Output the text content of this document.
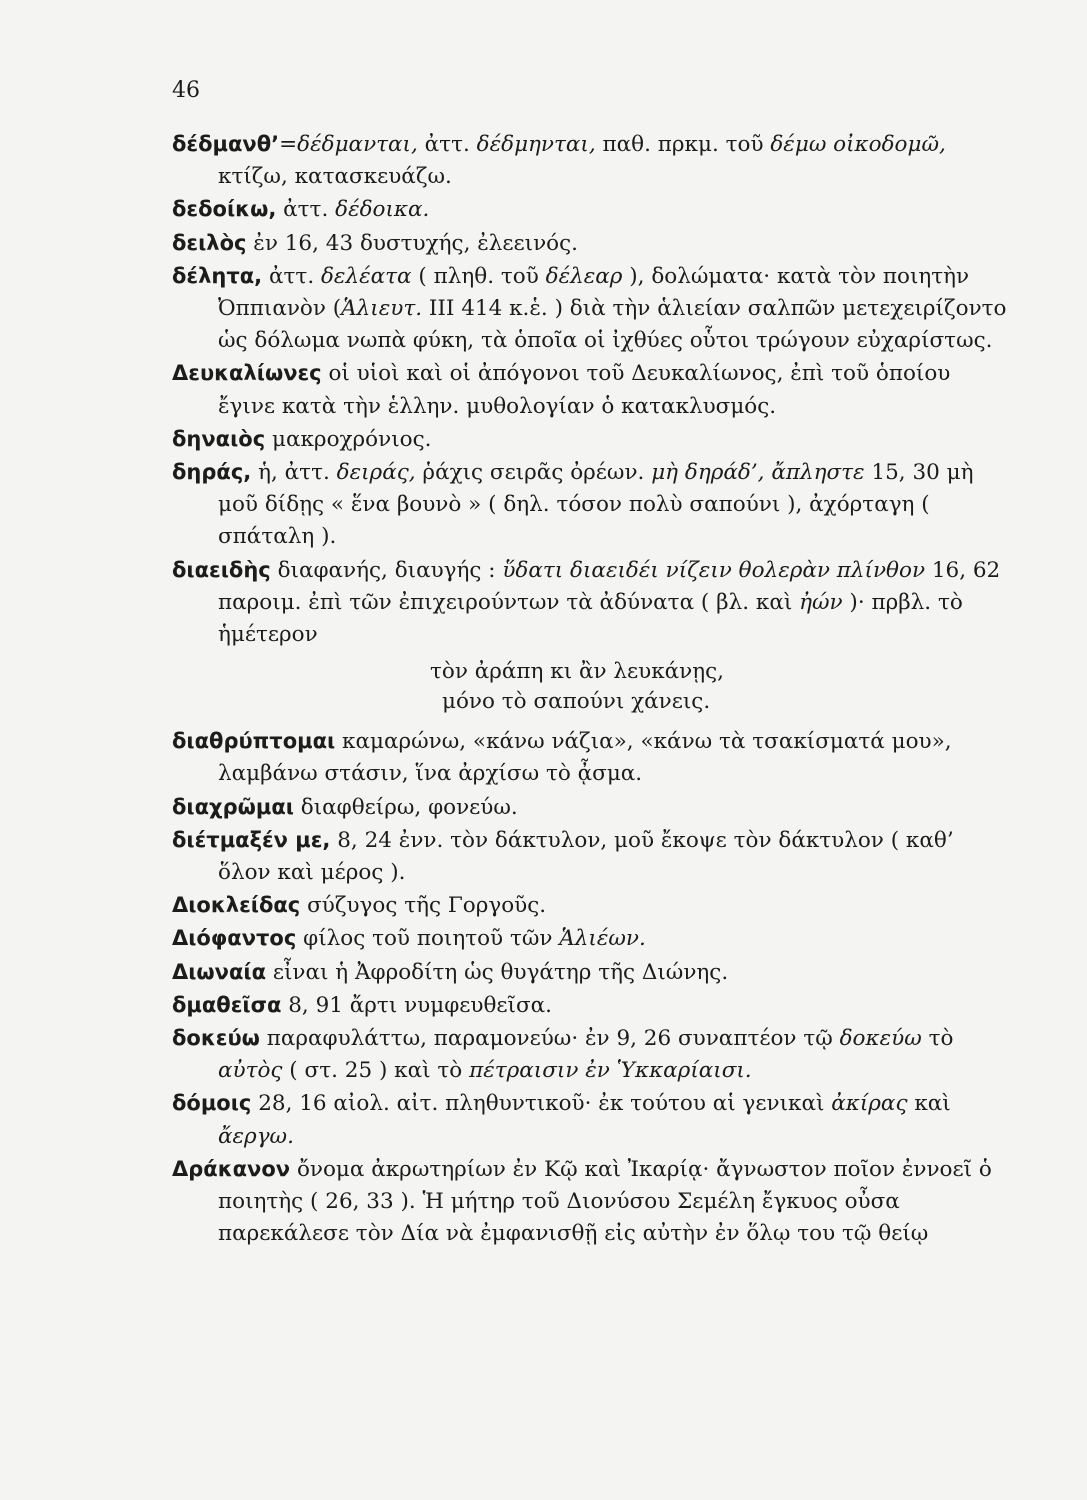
46
δέδμανθ’=δέδμανται, ἀττ. δέδμηνται, παθ. πρκμ. τοῦ δέμω οἰκοδομῶ, κτίζω, κατασκευάζω.
δεδοίκω, ἀττ. δέδοικα.
δειλὸς ἐν 16, 43 δυστυχής, ἐλεεινός.
δέλητα, ἀττ. δελέατα ( πληθ. τοῦ δέλεαρ ), δολώματα· κατὰ τὸν ποιητὴν Ὀππιανὸν (Ἁλιευτ. III 414 κ.ἑ. ) διὰ τὴν ἁλιείαν σαλπῶν μετεχειρίζοντο ὡς δόλωμα νωπὰ φύκη, τὰ ὁποῖα οἱ ἰχθύες οὗτοι τρώγουν εὐχαρίστως.
Δευκαλίωνες οἱ υἱοὶ καὶ οἱ ἀπόγονοι τοῦ Δευκαλίωνος, ἐπὶ τοῦ ὁποίου ἔγινε κατὰ τὴν ἑλλην. μυθολογίαν ὁ κατακλυσμός.
δηναιὸς μακροχρόνιος.
δηράς, ἡ, ἀττ. δειράς, ῥάχις σειρᾶς ὀρέων. μὴ δηράδ’, ἄπληστε 15, 30 μὴ μοῦ δίδῃς « ἕνα βουνὸ » ( δηλ. τόσον πολὺ σαπούνι ), ἀχόρταγη ( σπάταλη ).
διαειδὴς διαφανής, διαυγής : ὕδατι διαειδέι νίζειν θολερὰν πλίνθον 16, 62 παροιμ. ἐπὶ τῶν ἐπιχειρούντων τὰ ἀδύνατα ( βλ. καὶ ἠών )· πρβλ. τὸ ἡμέτερον
τὸν ἀράπη κι ἂν λευκάνῃς,
μόνο τὸ σαπούνι χάνεις.
διαθρύπτομαι καμαρώνω, «κάνω νάζια», «κάνω τὰ τσακίσματά μου», λαμβάνω στάσιν, ἵνα ἀρχίσω τὸ ᾆσμα.
διαχρῶμαι διαφθείρω, φονεύω.
διέτμαξέν με, 8, 24 ἐνν. τὸν δάκτυλον, μοῦ ἔκοψε τὸν δάκτυλον ( καθ’ ὅλον καὶ μέρος ).
Διοκλείδας σύζυγος τῆς Γοργοῦς.
Διόφαντος φίλος τοῦ ποιητοῦ τῶν Ἁλιέων.
Διωναία εἶναι ἡ Ἀφροδίτη ὡς θυγάτηρ τῆς Διώνης.
δμαθεῖσα 8, 91 ἄρτι νυμφευθεῖσα.
δοκεύω παραφυλάττω, παραμονεύω· ἐν 9, 26 συναπτέον τῷ δοκεύω τὸ αὐτὸς ( στ. 25 ) καὶ τὸ πέτραισιν ἐν Ὑκκαρίαισι.
δόμοις 28, 16 αἰολ. αἰτ. πληθυντικοῦ· ἐκ τούτου αἱ γενικαὶ ἀκίρας καὶ ἄεργω.
Δράκανον ὄνομα ἀκρωτηρίων ἐν Κῷ καὶ Ἰκαρίᾳ· ἄγνωστον ποῖον ἐννοεῖ ὁ ποιητὴς ( 26, 33 ). Ἡ μήτηρ τοῦ Διονύσου Σεμέλη ἔγκυος οὖσα παρεκάλεσε τὸν Δία νὰ ἐμφανισθῇ εἰς αὐτὴν ἐν ὅλῳ του τῷ θείῳ
